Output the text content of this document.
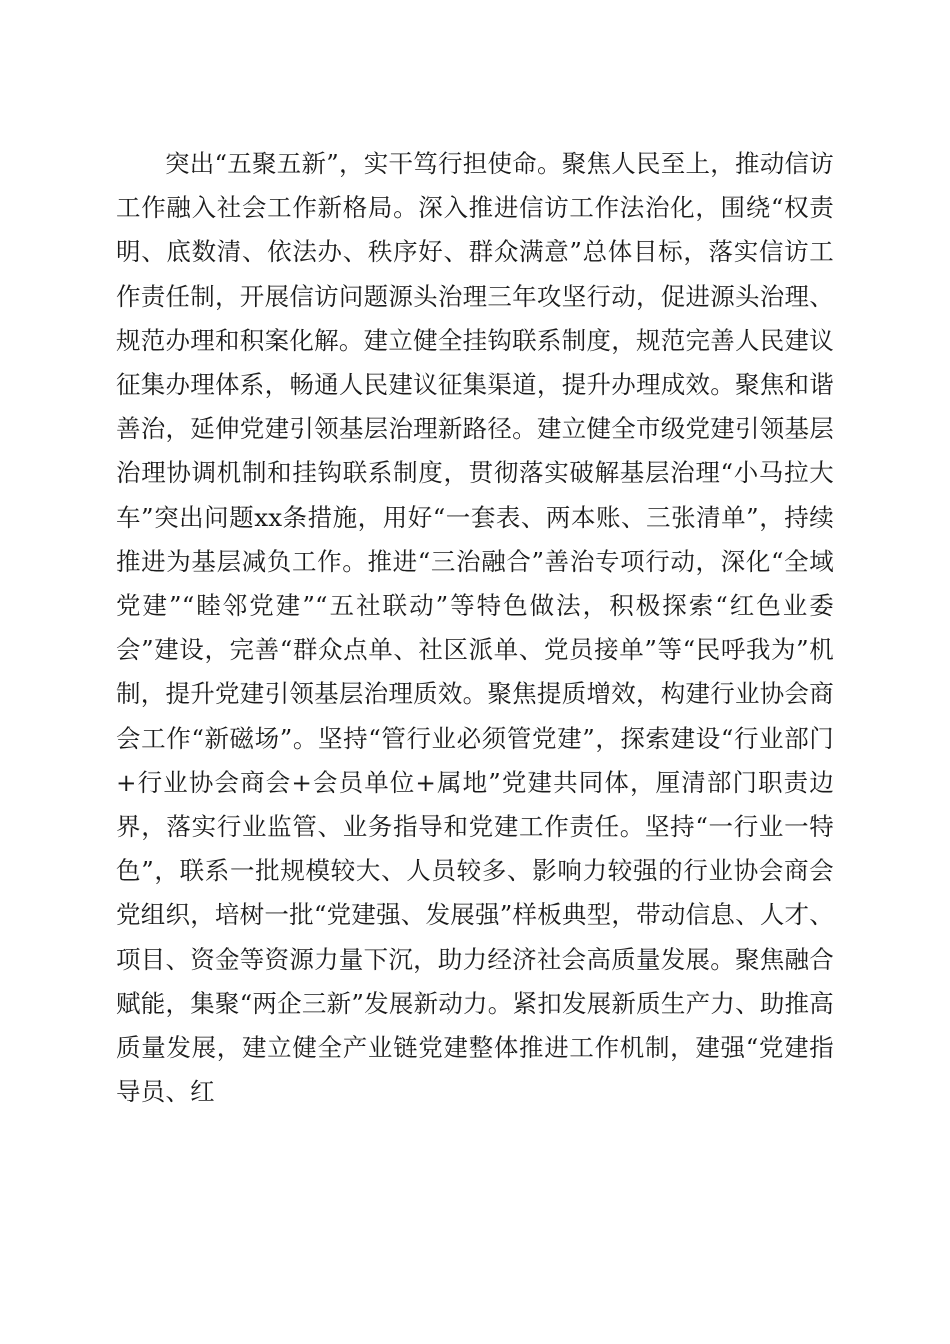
突出“五聚五新”，实干笃行担使命。聚焦人民至上，推动信访工作融入社会工作新格局。深入推进信访工作法治化，围绕“权责明、底数清、依法办、秩序好、群众满意”总体目标，落实信访工作责任制，开展信访问题源头治理三年攻坚行动，促进源头治理、规范办理和积案化解。建立健全挂钩联系制度，规范完善人民建议征集办理体系，畅通人民建议征集渠道，提升办理成效。聚焦和谐善治，延伸党建引领基层治理新路径。建立健全市级党建引领基层治理协调机制和挂钩联系制度，贯彻落实破解基层治理“小马拉大车”突出问题xx条措施，用好“一套表、两本账、三张清单”，持续推进为基层减负工作。推进“三治融合”善治专项行动，深化“全域党建”“睦邻党建”“五社联动”等特色做法，积极探索“红色业委会”建设，完善“群众点单、社区派单、党员接单”等“民呼我为”机制，提升党建引领基层治理质效。聚焦提质增效，构建行业协会商会工作“新磁场”。坚持“管行业必须管党建”，探索建设“行业部门+行业协会商会+会员单位+属地”党建共同体，厘清部门职责边界，落实行业监管、业务指导和党建工作责任。坚持“一行业一特色”，联系一批规模较大、人员较多、影响力较强的行业协会商会党组织，培树一批“党建强、发展强”样板典型，带动信息、人才、项目、资金等资源力量下沉，助力经济社会高质量发展。聚焦融合赋能，集聚“两企三新”发展新动力。紧扣发展新质生产力、助推高质量发展，建立健全产业链党建整体推进工作机制，建强“党建指导员、红
